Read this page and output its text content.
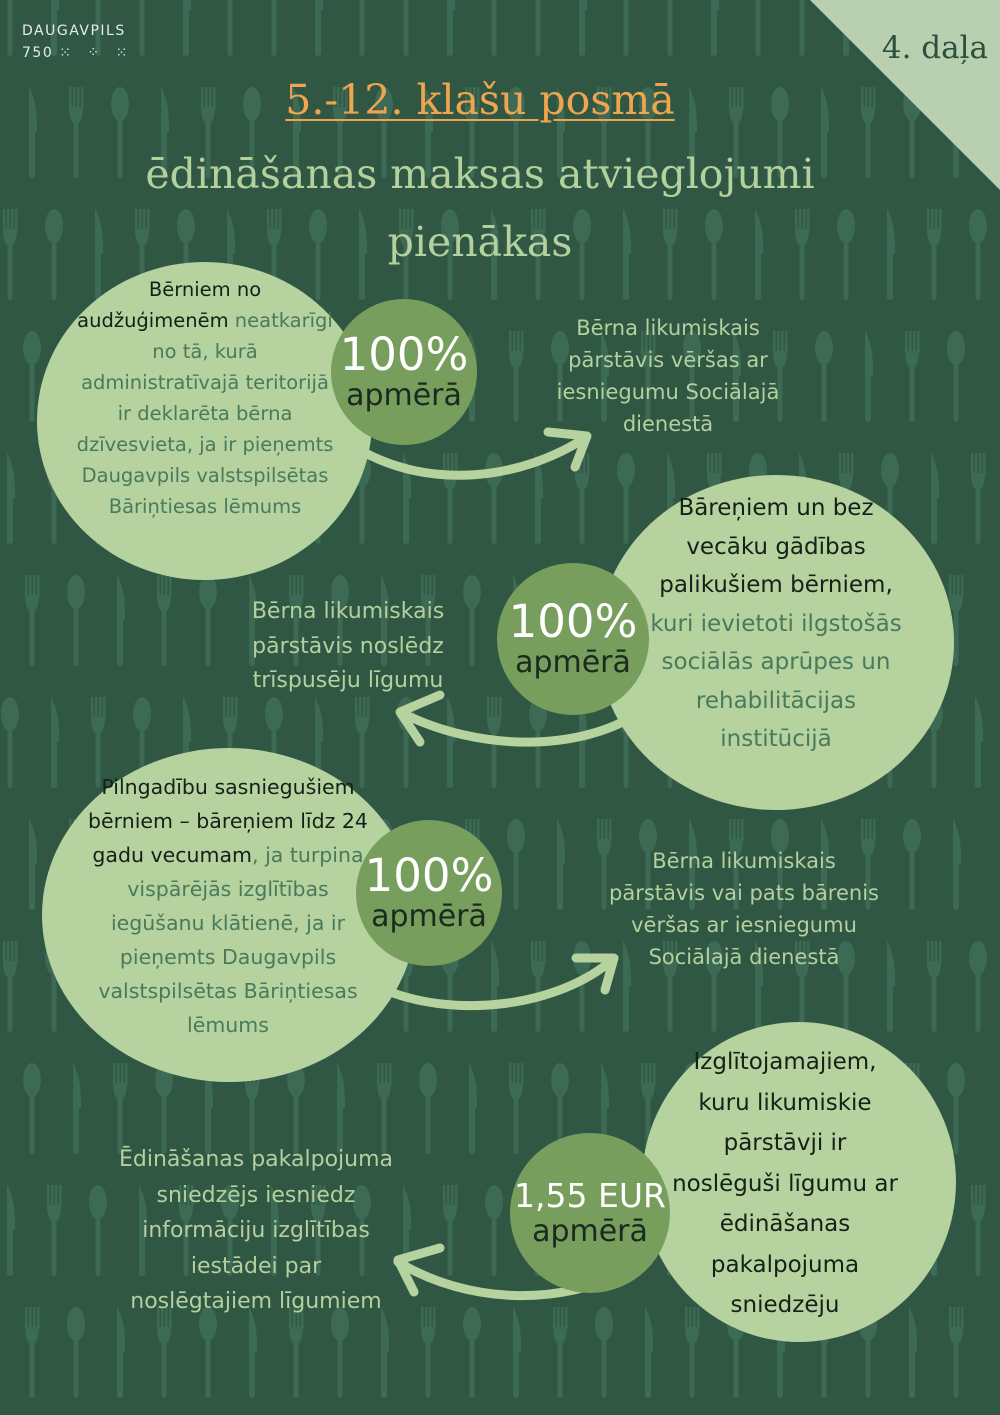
4. daļa
DAUGAVPILS
750 ⁙ ⁘ ⁙
5.-12. klašu posmā
ēdināšanas maksas atvieglojumi
pienākas
Bērniem no audžuģimenēm neatkarīgi no tā, kurā administratīvajā teritorijā ir deklarēta bērna dzīvesvieta, ja ir pieņemts Daugavpils valstspilsētas Bāriņtiesas lēmums
100%
apmērā
Bērna likumiskais pārstāvis vēršas ar iesniegumu Sociālajā dienestā
Bāreņiem un bez vecāku gādības palikušiem bērniem, kuri ievietoti ilgstošās sociālās aprūpes un rehabilitācijas institūcijā
100%
apmērā
Bērna likumiskais pārstāvis noslēdz trīspusēju līgumu
Pilngadību sasniegušiem bērniem – bāreņiem līdz 24 gadu vecumam, ja turpina vispārējās izglītības iegūšanu klātienē, ja ir pieņemts Daugavpils valstspilsētas Bāriņtiesas lēmums
100%
apmērā
Bērna likumiskais pārstāvis vai pats bārenis vēršas ar iesniegumu Sociālajā dienestā
Izglītojamajiem, kuru likumiskie pārstāvji ir noslēguši līgumu ar ēdināšanas pakalpojuma sniedzēju
1,55 EUR
apmērā
Ēdināšanas pakalpojuma sniedzējs iesniedz informāciju izglītības iestādei par noslēgtajiem līgumiem
